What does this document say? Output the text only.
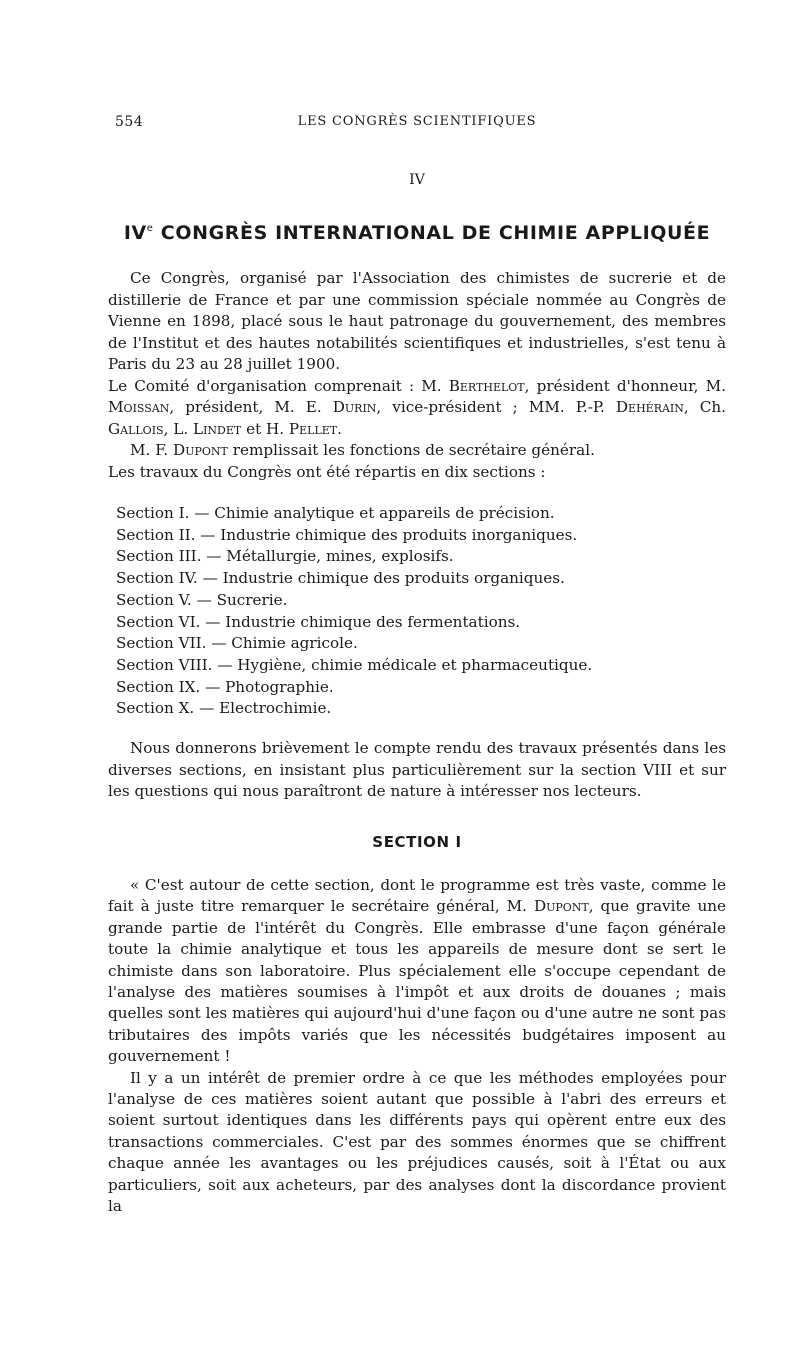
554	LES CONGRÈS SCIENTIFIQUES
IV
IVe CONGRÈS INTERNATIONAL DE CHIMIE APPLIQUÉE

Ce Congrès, organisé par l'Association des chimistes de sucrerie et de distillerie de France et par une commission spéciale nommée au Congrès de Vienne en 1898, placé sous le haut patronage du gouvernement, des membres de l'Institut et des hautes notabilités scientifiques et industrielles, s'est tenu à Paris du 23 au 28 juillet 1900.

Le Comité d'organisation comprenait : M. Berthelot, président d'honneur, M. Moissan, président, M. E. Durin, vice-président ; MM. P.-P. Dehérain, Ch. Gallois, L. Lindet et H. Pellet.

M. F. Dupont remplissait les fonctions de secrétaire général.

Les travaux du Congrès ont été répartis en dix sections :

Section I. — Chimie analytique et appareils de précision.
Section II. — Industrie chimique des produits inorganiques.
Section III. — Métallurgie, mines, explosifs.
Section IV. — Industrie chimique des produits organiques.
Section V. — Sucrerie.
Section VI. — Industrie chimique des fermentations.
Section VII. — Chimie agricole.
Section VIII. — Hygiène, chimie médicale et pharmaceutique.
Section IX. — Photographie.
Section X. — Electrochimie.

Nous donnerons brièvement le compte rendu des travaux présentés dans les diverses sections, en insistant plus particulièrement sur la section VIII et sur les questions qui nous paraîtront de nature à intéresser nos lecteurs.

SECTION I

« C'est autour de cette section, dont le programme est très vaste, comme le fait à juste titre remarquer le secrétaire général, M. Dupont, que gravite une grande partie de l'intérêt du Congrès. Elle embrasse d'une façon générale toute la chimie analytique et tous les appareils de mesure dont se sert le chimiste dans son laboratoire. Plus spécialement elle s'occupe cependant de l'analyse des matières soumises à l'impôt et aux droits de douanes ; mais quelles sont les matières qui aujourd'hui d'une façon ou d'une autre ne sont pas tributaires des impôts variés que les nécessités budgétaires imposent au gouvernement !

Il y a un intérêt de premier ordre à ce que les méthodes employées pour l'analyse de ces matières soient autant que possible à l'abri des erreurs et soient surtout identiques dans les différents pays qui opèrent entre eux des transactions commerciales. C'est par des sommes énormes que se chiffrent chaque année les avantages ou les préjudices causés, soit à l'État ou aux particuliers, soit aux acheteurs, par des analyses dont la discordance provient la
